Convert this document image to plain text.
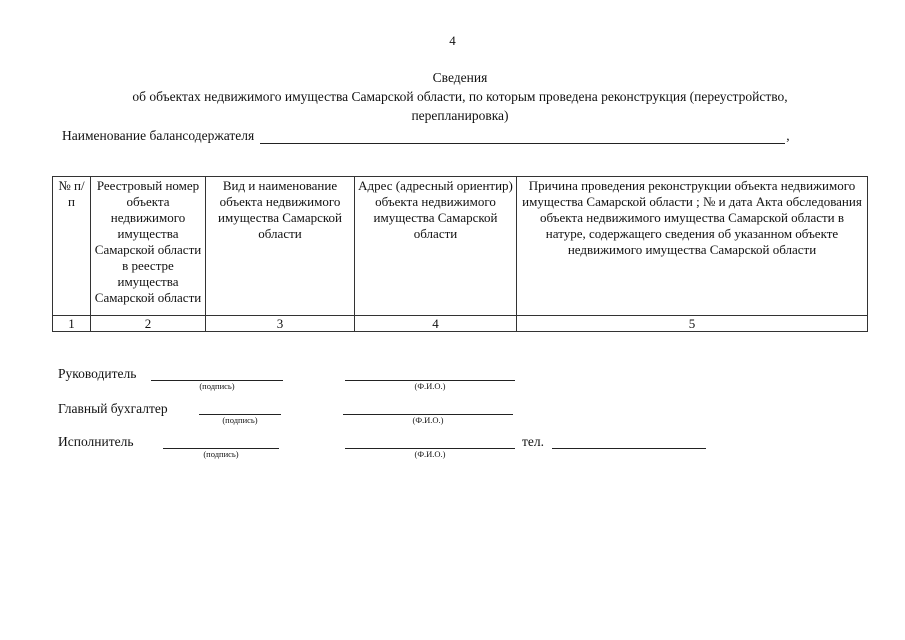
4
Сведения
об объектах недвижимого имущества Самарской области, по которым проведена реконструкция (переустройство,
перепланировка)
Наименование балансодержателя	,
№ п/п	Реестровый номер объекта недвижимого имущества Самарской области в реестре имущества Самарской области	Вид и наименование объекта недвижимого имущества Самарской области	Адрес (адресный ориентир) объекта недвижимого имущества Самарской области	Причина проведения реконструкции объекта недвижимого имущества Самарской области ; № и дата Акта обследования объекта недвижимого имущества Самарской области в натуре, содержащего сведения об указанном объекте недвижимого имущества Самарской области
1	2	3	4	5
Руководитель
(подпись)	(Ф.И.О.)
Главный бухгалтер
(подпись)	(Ф.И.О.)
Исполнитель
(подпись)	(Ф.И.О.)
тел.
